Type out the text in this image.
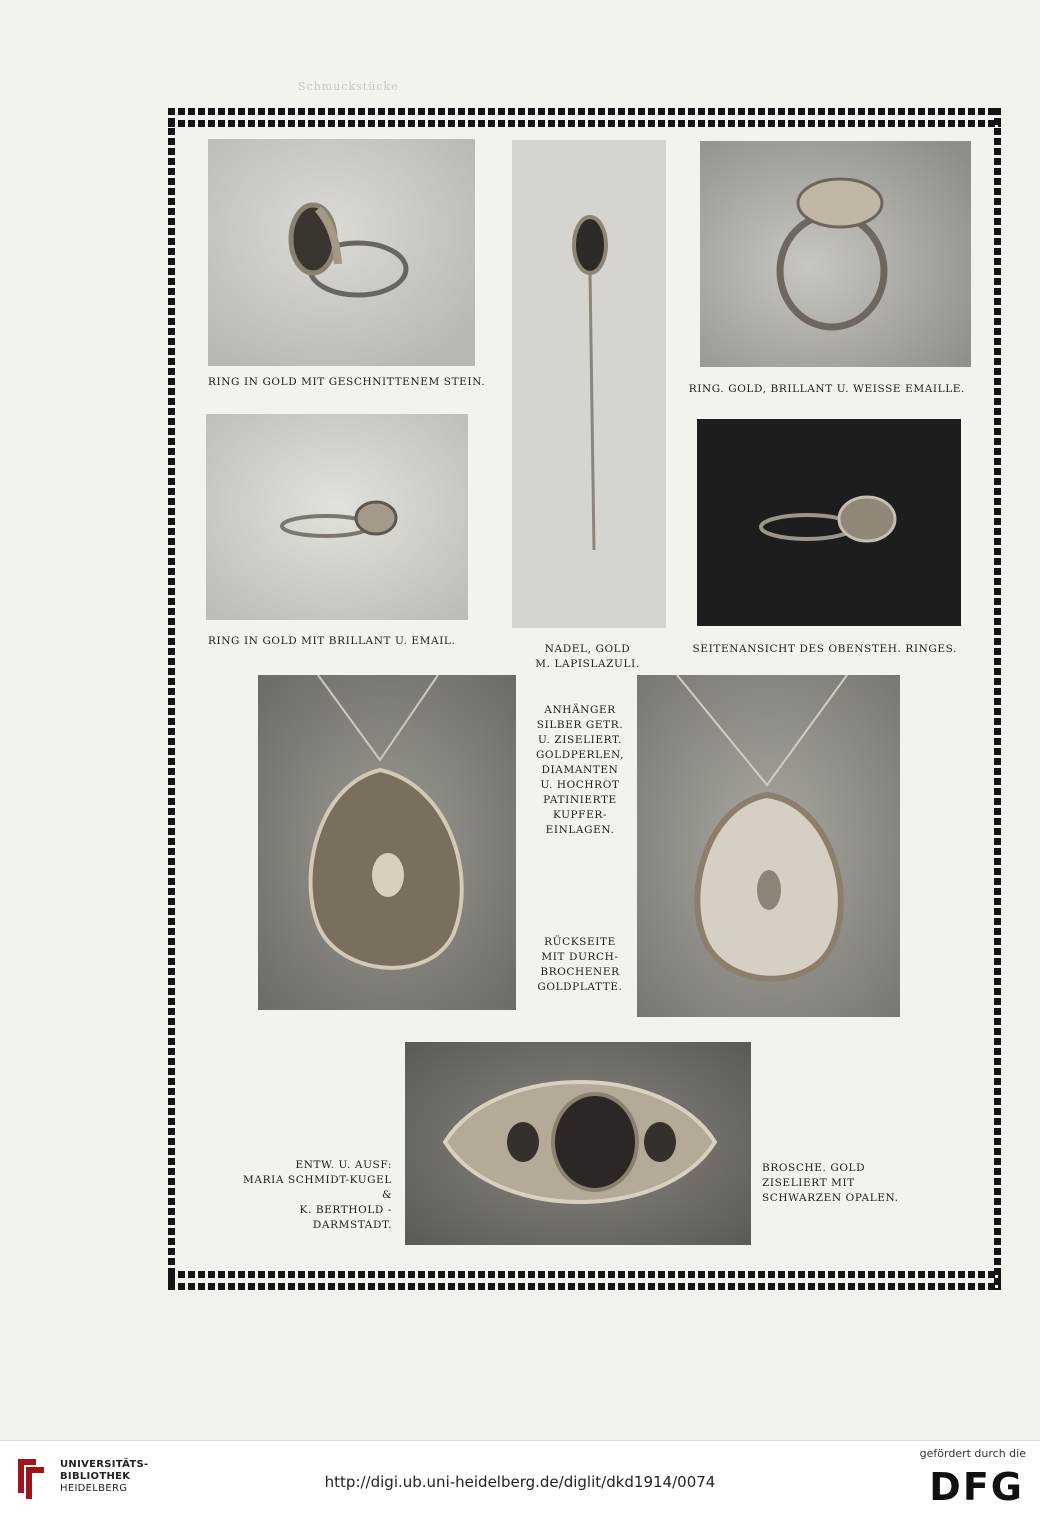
Schmuckstücke
RING IN GOLD MIT GESCHNITTENEM STEIN.
RING. GOLD, BRILLANT U. WEISSE EMAILLE.
RING IN GOLD MIT BRILLANT U. EMAIL.
NADEL, GOLD
M. LAPISLAZULI.
SEITENANSICHT DES OBENSTEH. RINGES.
ANHÄNGER
SILBER GETR.
U. ZISELIERT.
GOLDPERLEN,
DIAMANTEN
U. HOCHROT
PATINIERTE
KUPFER-
EINLAGEN.
RÜCKSEITE
MIT DURCH-
BROCHENER
GOLDPLATTE.
ENTW. U. AUSF:
MARIA SCHMIDT-KUGEL &
K. BERTHOLD - DARMSTADT.
BROSCHE. GOLD
ZISELIERT MIT
SCHWARZEN OPALEN.
UNIVERSITÄTS-
BIBLIOTHEK
HEIDELBERG	http://digi.ub.uni-heidelberg.de/diglit/dkd1914/0074
gefördert durch die
DFG
